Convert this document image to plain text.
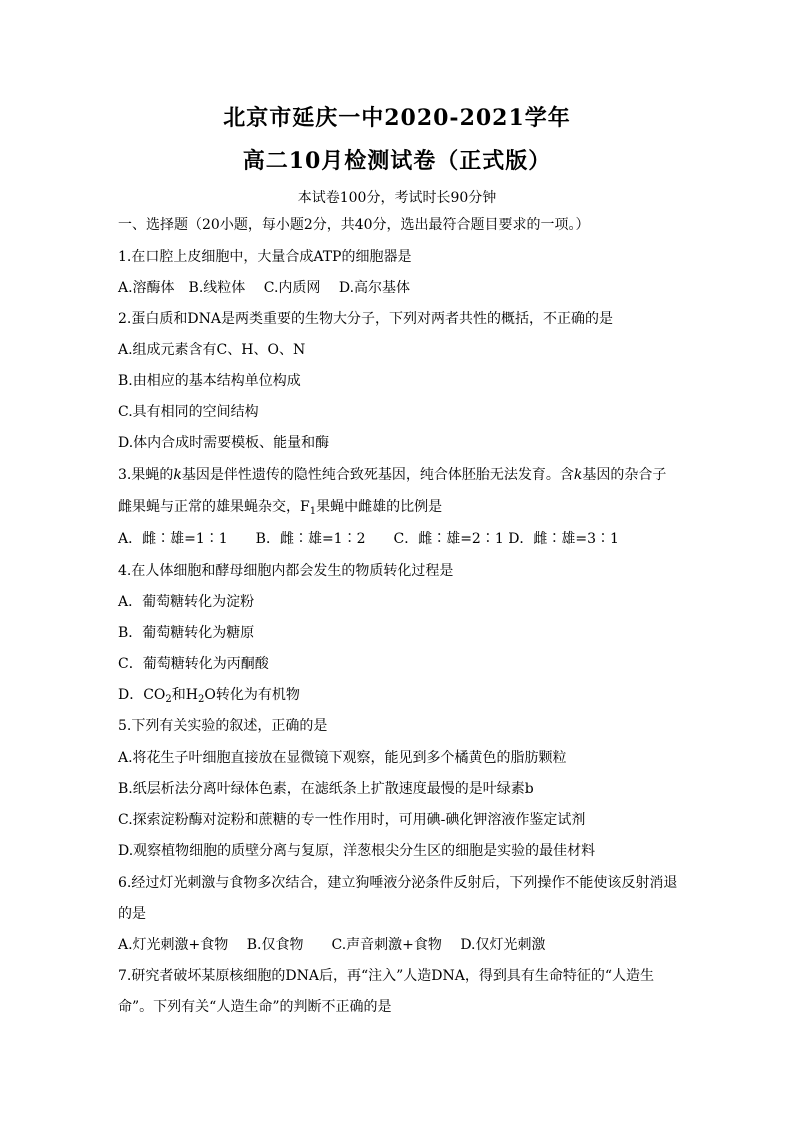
北京市延庆一中2020-2021学年
高二10月检测试卷（正式版）
本试卷100分，考试时长90分钟
一、选择题（20小题，每小题2分，共40分，选出最符合题目要求的一项。）
1.在口腔上皮细胞中，大量合成ATP的细胞器是
A.溶酶体　B.线粒体　 C.内质网　 D.高尔基体
2.蛋白质和DNA是两类重要的生物大分子，下列对两者共性的概括，不正确的是
A.组成元素含有C、H、O、N
B.由相应的基本结构单位构成
C.具有相同的空间结构
D.体内合成时需要模板、能量和酶
3.果蝇的k基因是伴性遗传的隐性纯合致死基因，纯合体胚胎无法发育。含k基因的杂合子
雌果蝇与正常的雄果蝇杂交，$F_1$果蝇中雌雄的比例是
A．雌∶雄=1∶1　　B．雌∶雄=1∶2　　C．雌∶雄=2∶1 D．雌∶雄=3∶1
4.在人体细胞和酵母细胞内都会发生的物质转化过程是
A．葡萄糖转化为淀粉
B．葡萄糖转化为糖原
C．葡萄糖转化为丙酮酸
D．$CO_2$和$H_2O$转化为有机物
5.下列有关实验的叙述，正确的是
A.将花生子叶细胞直接放在显微镜下观察，能见到多个橘黄色的脂肪颗粒
B.纸层析法分离叶绿体色素，在滤纸条上扩散速度最慢的是叶绿素b
C.探索淀粉酶对淀粉和蔗糖的专一性作用时，可用碘-碘化钾溶液作鉴定试剂
D.观察植物细胞的质壁分离与复原，洋葱根尖分生区的细胞是实验的最佳材料
6.经过灯光刺激与食物多次结合，建立狗唾液分泌条件反射后，下列操作不能使该反射消退
的是
A.灯光刺激+食物　 B.仅食物　　C.声音刺激+食物　 D.仅灯光刺激
7.研究者破坏某原核细胞的DNA后，再“注入”人造DNA，得到具有生命特征的“人造生
命”。下列有关“人造生命”的判断不正确的是
